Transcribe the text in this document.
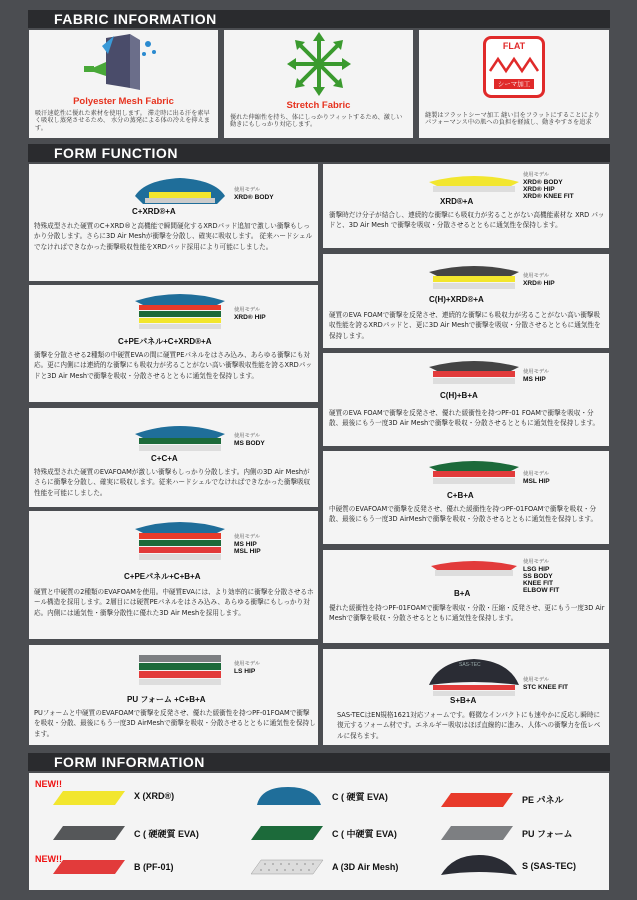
FABRIC INFORMATION
Polyester Mesh Fabric
吸汗速乾性に優れた素材を使用します。 滞走時に出る汗を素早く吸収し蒸発させるため、 水分の蒸発による体の冷えを抑えます。
Stretch Fabric
優れた伸縮性を持ち、体にしっかりフィットするため、激しい動きにもしっかり対応します。
FLAT
シーマ加工
縫製はフラットシーマ加工 縫い目をフラットにすることによりパフォーマンス中の肌への負担を軽減し、動きやすさを追求
FORM FUNCTION
C+XRD®+A
使用モデル
XRD® BODY
特殊成型された硬質のC+XRD®と高機能で瞬間硬化するXRDパッド追加で激しい衝撃もしっかり分散します。さらに3D Air Meshが衝撃を分散し、確実に吸収します。 従来ハードシェルでなければできなかった衝撃吸収性能をXRDパッド採用により可能にしました。
C+PEパネル+C+XRD®+A
使用モデル
XRD® HIP
衝撃を分散させる2種類の中硬質EVAの間に硬質PEパネルをはさみ込み、あらゆる衝撃にも対応。更に内側には連続的な衝撃にも吸収力が劣ることがない高い衝撃吸収性能を誇るXRDパッドと3D Air Meshで衝撃を吸収・分散させるとともに通気性を保持します。
C+C+A
使用モデル
MS BODY
特殊成型された硬質のEVAFOAMが激しい衝撃もしっかり分散します。内側の3D Air Meshがさらに衝撃を分散し、確実に吸収します。従来ハードシェルでなければできなかった衝撃吸収性能を可能にしました。
C+PEパネル+C+B+A
使用モデル
MS HIP
MSL HIP
硬質と中硬質の2種類のEVAFOAMを使用。中硬質EVAには、より効率的に衝撃を分散させるホール構造を採用します。2層目には硬質PEパネルをはさみ込み、あらゆる衝撃にもしっかり対応。内側には通気性・衝撃分散性に優れた3D Air Meshを採用します。
PU フォーム +C+B+A
使用モデル
LS HIP
PUフォームと中硬質のEVAFOAMで衝撃を反発させ、優れた緩衝性を持つPF-01FOAMで衝撃を吸収・分散、最後にもう一度3D AirMeshで衝撃を吸収・分散させるとともに通気性を保持します。
XRD®+A
使用モデル
XRD® BODY
XRD® HIP
XRD® KNEE FIT
衝撃時だけ分子が結合し、連続的な衝撃にも吸収力が劣ることがない高機能素材な XRD パッドと、3D Air Mesh で衝撃を吸収・分散させるとともに通気性を保持します。
C(H)+XRD®+A
使用モデル
XRD® HIP
硬質のEVA FOAMで衝撃を反発させ、連続的な衝撃にも吸収力が劣ることがない高い衝撃吸収性能を誇るXRDパッドと、更に3D Air Meshで衝撃を吸収・分散させるとともに通気性を保持します。
C(H)+B+A
使用モデル
MS HIP
硬質のEVA FOAMで衝撃を反発させ、優れた緩衝性を持つPF-01 FOAMで衝撃を吸収・分散、最後にもう一度3D Air Meshで衝撃を吸収・分散させるとともに通気性を保持します。
C+B+A
使用モデル
MSL HIP
中硬質のEVAFOAMで衝撃を反発させ、優れた緩衝性を持つPF-01FOAMで衝撃を吸収・分散、最後にもう一度3D AirMeshで衝撃を吸収・分散させるとともに通気性を保持します。
B+A
使用モデル
LSG HIP
SS BODY
KNEE FIT
ELBOW FIT
優れた緩衝性を持つPF-01FOAMで衝撃を吸収・分散・圧縮・反発させ、更にもう一度3D Air Meshで衝撃を吸収・分散させるとともに通気性を保持します。
SAS-TEC
S+B+A
使用モデル
STC KNEE FIT
SAS-TECはEN規格1621対応フォームです。軽微なインパクトにも速やかに反応し瞬時に復元するフォーム材です。エネルギー吸収はほぼ直線的に進み、人体への衝撃力を低レベルに保ちます。
FORM INFORMATION
NEW!!
X (XRD®)	C ( 硬質 EVA)	PE パネル
C ( 硬硬質 EVA)	C ( 中硬質 EVA)	PU フォーム
NEW!!
B (PF-01)	A (3D Air Mesh)	S (SAS-TEC)
